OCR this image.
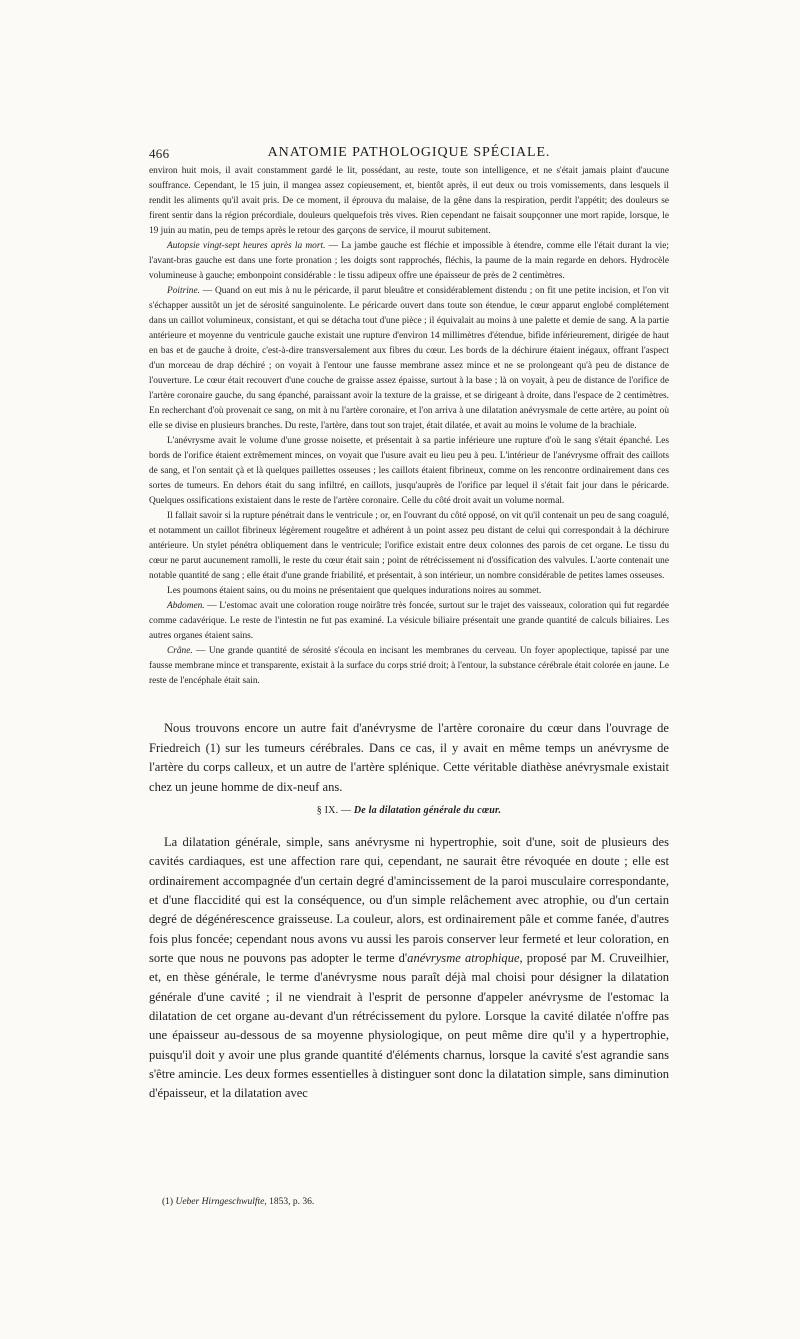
466	ANATOMIE PATHOLOGIQUE SPÉCIALE.

environ huit mois, il avait constamment gardé le lit, possédant, au reste, toute son intelligence, et ne s'était jamais plaint d'aucune souffrance. Cependant, le 15 juin, il mangea assez copieusement, et, bientôt après, il eut deux ou trois vomissements, dans lesquels il rendit les aliments qu'il avait pris. De ce moment, il éprouva du malaise, de la gêne dans la respiration, perdit l'appétit; des douleurs se firent sentir dans la région précordiale, douleurs quelquefois très vives. Rien cependant ne faisait soupçonner une mort rapide, lorsque, le 19 juin au matin, peu de temps après le retour des garçons de service, il mourut subitement.

Autopsie vingt-sept heures après la mort. — La jambe gauche est fléchie et impossible à étendre, comme elle l'était durant la vie; l'avant-bras gauche est dans une forte pronation ; les doigts sont rapprochés, fléchis, la paume de la main regarde en dehors. Hydrocèle volumineuse à gauche; embonpoint considérable : le tissu adipeux offre une épaisseur de près de 2 centimètres.

Poitrine. — Quand on eut mis à nu le péricarde, il parut bleuâtre et considérablement distendu ; on fit une petite incision, et l'on vit s'échapper aussitôt un jet de sérosité sanguinolente. Le péricarde ouvert dans toute son étendue, le cœur apparut englobé complétement dans un caillot volumineux, consistant, et qui se détacha tout d'une pièce ; il équivalait au moins à une palette et demie de sang. A la partie antérieure et moyenne du ventricule gauche existait une rupture d'environ 14 millimètres d'étendue, bifide inférieurement, dirigée de haut en bas et de gauche à droite, c'est-à-dire transversalement aux fibres du cœur. Les bords de la déchirure étaient inégaux, offrant l'aspect d'un morceau de drap déchiré ; on voyait à l'entour une fausse membrane assez mince et ne se prolongeant qu'à peu de distance de l'ouverture. Le cœur était recouvert d'une couche de graisse assez épaisse, surtout à la base ; là on voyait, à peu de distance de l'orifice de l'artère coronaire gauche, du sang épanché, paraissant avoir la texture de la graisse, et se dirigeant à droite, dans l'espace de 2 centimètres. En recherchant d'où provenait ce sang, on mit à nu l'artère coronaire, et l'on arriva à une dilatation anévrysmale de cette artère, au point où elle se divise en plusieurs branches. Du reste, l'artère, dans tout son trajet, était dilatée, et avait au moins le volume de la brachiale.

L'anévrysme avait le volume d'une grosse noisette, et présentait à sa partie inférieure une rupture d'où le sang s'était épanché. Les bords de l'orifice étaient extrêmement minces, on voyait que l'usure avait eu lieu peu à peu. L'intérieur de l'anévrysme offrait des caillots de sang, et l'on sentait çà et là quelques paillettes osseuses ; les caillots étaient fibrineux, comme on les rencontre ordinairement dans ces sortes de tumeurs. En dehors était du sang infiltré, en caillots, jusqu'auprès de l'orifice par lequel il s'était fait jour dans le péricarde. Quelques ossifications existaient dans le reste de l'artère coronaire. Celle du côté droit avait un volume normal.

Il fallait savoir si la rupture pénétrait dans le ventricule ; or, en l'ouvrant du côté opposé, on vit qu'il contenait un peu de sang coagulé, et notamment un caillot fibrineux légèrement rougeâtre et adhérent à un point assez peu distant de celui qui correspondait à la déchirure antérieure. Un stylet pénétra obliquement dans le ventricule; l'orifice existait entre deux colonnes des parois de cet organe. Le tissu du cœur ne parut aucunement ramolli, le reste du cœur était sain ; point de rétrécissement ni d'ossification des valvules. L'aorte contenait une notable quantité de sang ; elle était d'une grande friabilité, et présentait, à son intérieur, un nombre considérable de petites lames osseuses.

Les poumons étaient sains, ou du moins ne présentaient que quelques indurations noires au sommet.

Abdomen. — L'estomac avait une coloration rouge noirâtre très foncée, surtout sur le trajet des vaisseaux, coloration qui fut regardée comme cadavérique. Le reste de l'intestin ne fut pas examiné. La vésicule biliaire présentait une grande quantité de calculs biliaires. Les autres organes étaient sains.

Crâne. — Une grande quantité de sérosité s'écoula en incisant les membranes du cerveau. Un foyer apoplectique, tapissé par une fausse membrane mince et transparente, existait à la surface du corps strié droit; à l'entour, la substance cérébrale était colorée en jaune. Le reste de l'encéphale était sain.

Nous trouvons encore un autre fait d'anévrysme de l'artère coronaire du cœur dans l'ouvrage de Friedreich (1) sur les tumeurs cérébrales. Dans ce cas, il y avait en même temps un anévrysme de l'artère du corps calleux, et un autre de l'artère splénique. Cette véritable diathèse anévrysmale existait chez un jeune homme de dix-neuf ans.

§ IX. — De la dilatation générale du cœur.

La dilatation générale, simple, sans anévrysme ni hypertrophie, soit d'une, soit de plusieurs des cavités cardiaques, est une affection rare qui, cependant, ne saurait être révoquée en doute ; elle est ordinairement accompagnée d'un certain degré d'amincissement de la paroi musculaire correspondante, et d'une flaccidité qui est la conséquence, ou d'un simple relâchement avec atrophie, ou d'un certain degré de dégénérescence graisseuse. La couleur, alors, est ordinairement pâle et comme fanée, d'autres fois plus foncée; cependant nous avons vu aussi les parois conserver leur fermeté et leur coloration, en sorte que nous ne pouvons pas adopter le terme d'anévrysme atrophique, proposé par M. Cruveilhier, et, en thèse générale, le terme d'anévrysme nous paraît déjà mal choisi pour désigner la dilatation générale d'une cavité ; il ne viendrait à l'esprit de personne d'appeler anévrysme de l'estomac la dilatation de cet organe au-devant d'un rétrécissement du pylore. Lorsque la cavité dilatée n'offre pas une épaisseur au-dessous de sa moyenne physiologique, on peut même dire qu'il y a hypertrophie, puisqu'il doit y avoir une plus grande quantité d'éléments charnus, lorsque la cavité s'est agrandie sans s'être amincie. Les deux formes essentielles à distinguer sont donc la dilatation simple, sans diminution d'épaisseur, et la dilatation avec

(1) Ueber Hirngeschwulfte, 1853, p. 36.
